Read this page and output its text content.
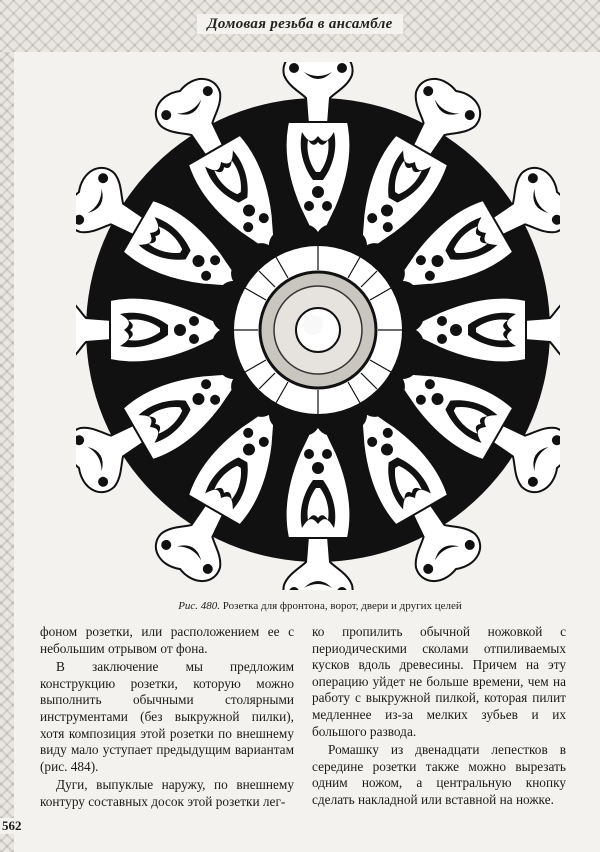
Домовая резьба в ансамбле
Рис. 480. Розетка для фронтона, ворот, двери и других целей

фоном розетки, или расположением ее с небольшим отрывом от фона.

В заключение мы предложим конструкцию розетки, которую можно выполнить обычными столярными инструментами (без выкружной пилки), хотя композиция этой розетки по внешнему виду мало уступает предыдущим вариантам (рис. 484).

Дуги, выпуклые наружу, по внешнему контуру составных досок этой розетки лег-

ко пропилить обычной ножовкой с периодическими сколами отпиливаемых кусков вдоль древесины. Причем на эту операцию уйдет не больше времени, чем на работу с выкружной пилкой, которая пилит медленнее из-за мелких зубьев и их большого развода.

Ромашку из двенадцати лепестков в середине розетки также можно вырезать одним ножом, а центральную кнопку сделать накладной или вставной на ножке.

562
